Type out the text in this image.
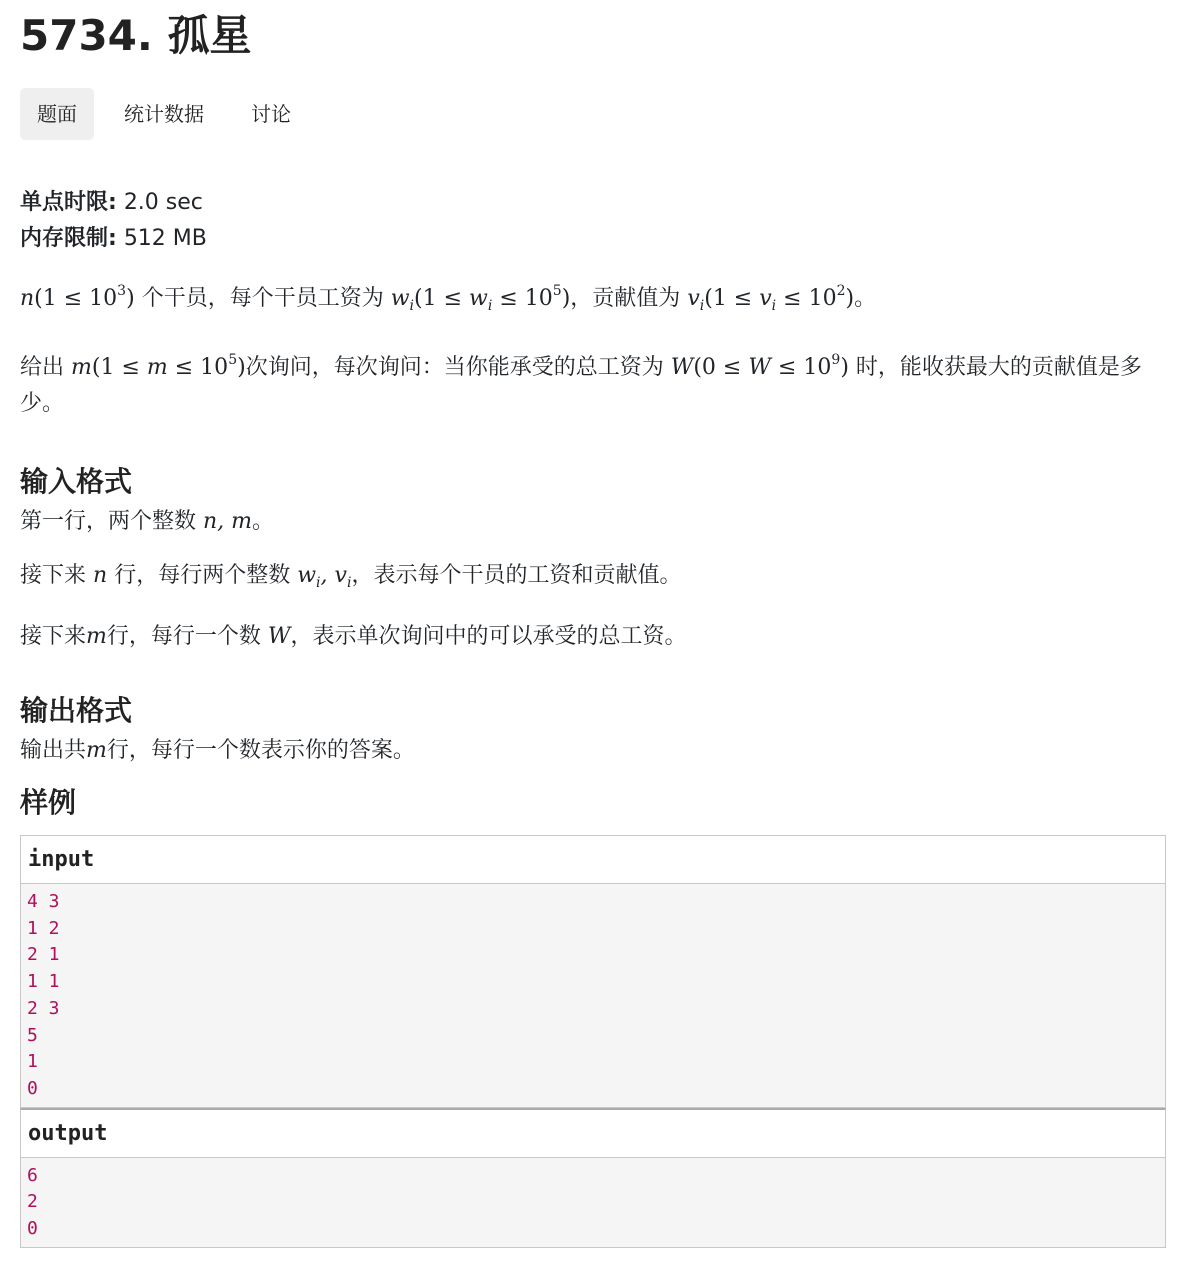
5734. 孤星
题面	统计数据	讨论
单点时限: 2.0 sec
内存限制: 512 MB

$n(1 \le 10^3)$ 个干员，每个干员工资为 $w_i(1 \le w_i \le 10^5)$，贡献值为 $v_i(1 \le v_i \le 10^2)$。

给出 $m(1 \le m \le 10^5)$次询问，每次询问：当你能承受的总工资为 $W(0 \le W \le 10^9)$ 时，能收获最大的贡献值是多少。

输入格式

第一行，两个整数 n, m。

接下来 n 行，每行两个整数 $w_i$, $v_i$，表示每个干员的工资和贡献值。

接下来m行，每行一个数 W，表示单次询问中的可以承受的总工资。

输出格式

输出共m行，每行一个数表示你的答案。

样例
input
4 3
1 2
2 1
1 1
2 3
5
1
0
output
6
2
0
